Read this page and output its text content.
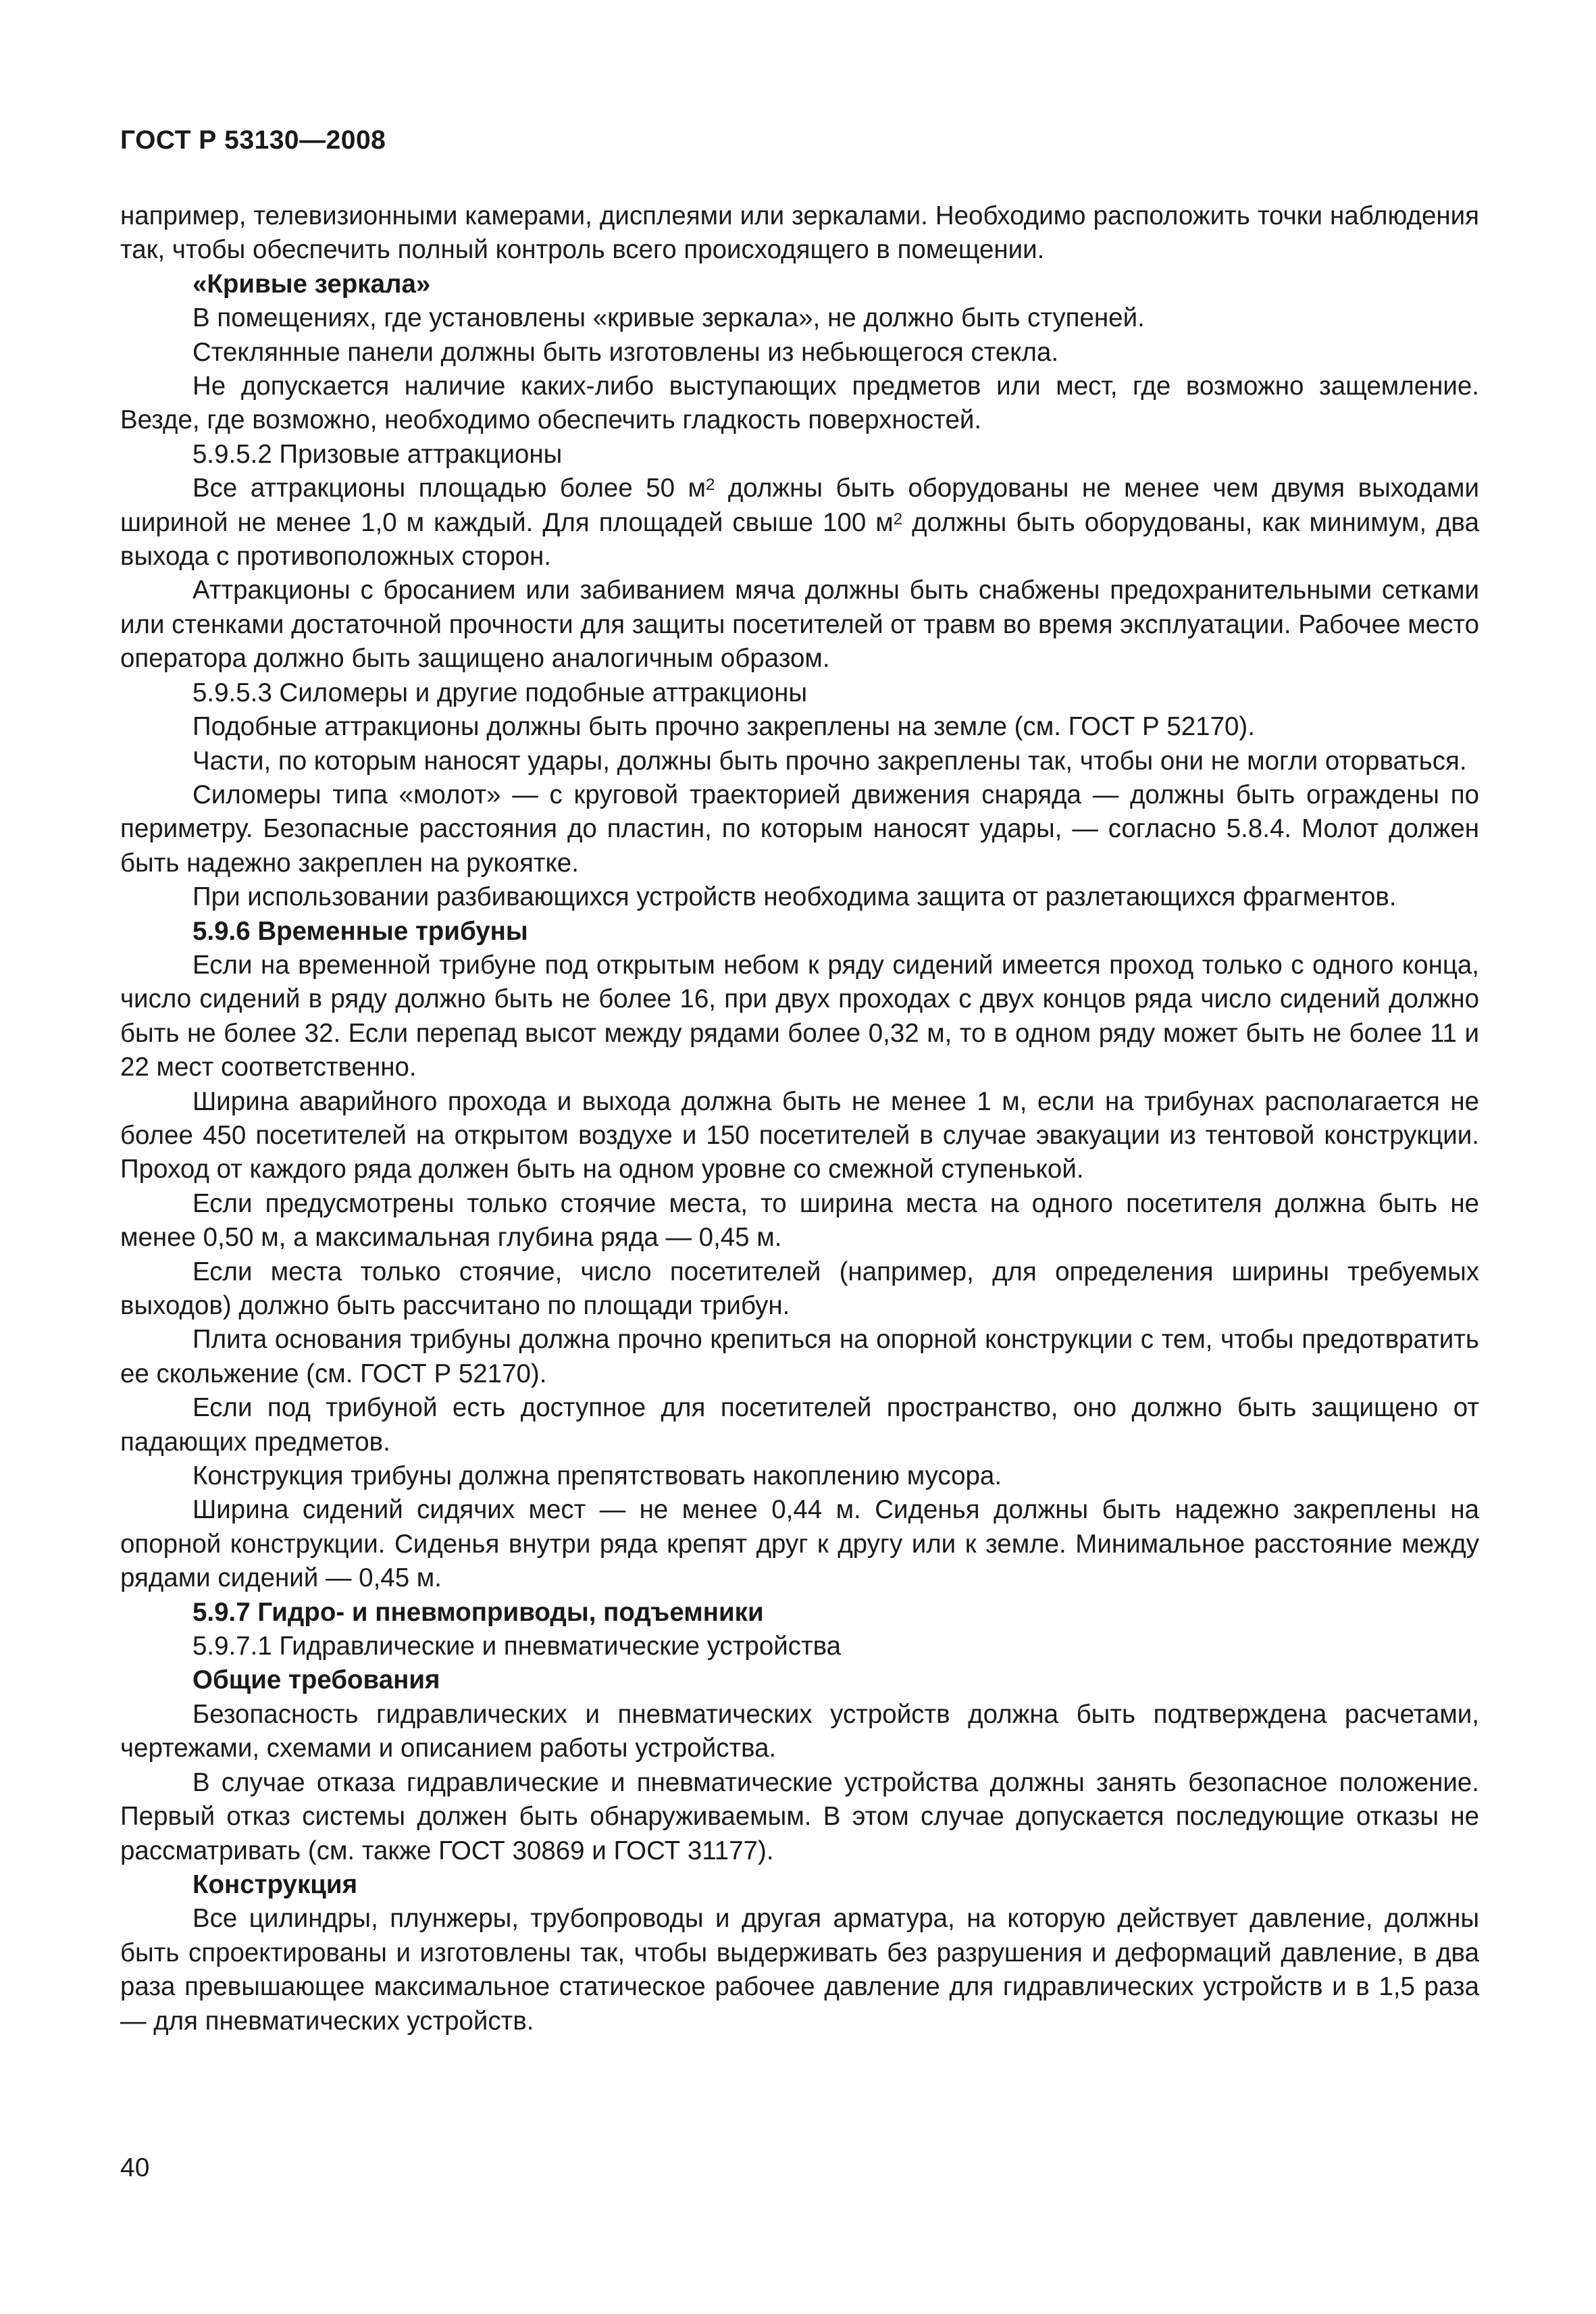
ГОСТ Р 53130—2008

например, телевизионными камерами, дисплеями или зеркалами. Необходимо расположить точки наблюдения так, чтобы обеспечить полный контроль всего происходящего в помещении.

«Кривые зеркала»

В помещениях, где установлены «кривые зеркала», не должно быть ступеней.

Стеклянные панели должны быть изготовлены из небьющегося стекла.

Не допускается наличие каких-либо выступающих предметов или мест, где возможно защемление. Везде, где возможно, необходимо обеспечить гладкость поверхностей.

5.9.5.2 Призовые аттракционы

Все аттракционы площадью более 50 $м^2$ должны быть оборудованы не менее чем двумя выходами шириной не менее 1,0 м каждый. Для площадей свыше 100 $м^2$ должны быть оборудованы, как минимум, два выхода с противоположных сторон.

Аттракционы с бросанием или забиванием мяча должны быть снабжены предохранительными сетками или стенками достаточной прочности для защиты посетителей от травм во время эксплуатации. Рабочее место оператора должно быть защищено аналогичным образом.

5.9.5.3 Силомеры и другие подобные аттракционы

Подобные аттракционы должны быть прочно закреплены на земле (см. ГОСТ Р 52170).

Части, по которым наносят удары, должны быть прочно закреплены так, чтобы они не могли оторваться.

Силомеры типа «молот» — с круговой траекторией движения снаряда — должны быть ограждены по периметру. Безопасные расстояния до пластин, по которым наносят удары, — согласно 5.8.4. Молот должен быть надежно закреплен на рукоятке.

При использовании разбивающихся устройств необходима защита от разлетающихся фрагментов.

5.9.6 Временные трибуны

Если на временной трибуне под открытым небом к ряду сидений имеется проход только с одного конца, число сидений в ряду должно быть не более 16, при двух проходах с двух концов ряда число сидений должно быть не более 32. Если перепад высот между рядами более 0,32 м, то в одном ряду может быть не более 11 и 22 мест соответственно.

Ширина аварийного прохода и выхода должна быть не менее 1 м, если на трибунах располагается не более 450 посетителей на открытом воздухе и 150 посетителей в случае эвакуации из тентовой конструкции. Проход от каждого ряда должен быть на одном уровне со смежной ступенькой.

Если предусмотрены только стоячие места, то ширина места на одного посетителя должна быть не менее 0,50 м, а максимальная глубина ряда — 0,45 м.

Если места только стоячие, число посетителей (например, для определения ширины требуемых выходов) должно быть рассчитано по площади трибун.

Плита основания трибуны должна прочно крепиться на опорной конструкции с тем, чтобы предотвратить ее скольжение (см. ГОСТ Р 52170).

Если под трибуной есть доступное для посетителей пространство, оно должно быть защищено от падающих предметов.

Конструкция трибуны должна препятствовать накоплению мусора.

Ширина сидений сидячих мест — не менее 0,44 м. Сиденья должны быть надежно закреплены на опорной конструкции. Сиденья внутри ряда крепят друг к другу или к земле. Минимальное расстояние между рядами сидений — 0,45 м.

5.9.7 Гидро- и пневмоприводы, подъемники

5.9.7.1 Гидравлические и пневматические устройства

Общие требования

Безопасность гидравлических и пневматических устройств должна быть подтверждена расчетами, чертежами, схемами и описанием работы устройства.

В случае отказа гидравлические и пневматические устройства должны занять безопасное положение. Первый отказ системы должен быть обнаруживаемым. В этом случае допускается последующие отказы не рассматривать (см. также ГОСТ 30869 и ГОСТ 31177).

Конструкция

Все цилиндры, плунжеры, трубопроводы и другая арматура, на которую действует давление, должны быть спроектированы и изготовлены так, чтобы выдерживать без разрушения и деформаций давление, в два раза превышающее максимальное статическое рабочее давление для гидравлических устройств и в 1,5 раза — для пневматических устройств.

40
